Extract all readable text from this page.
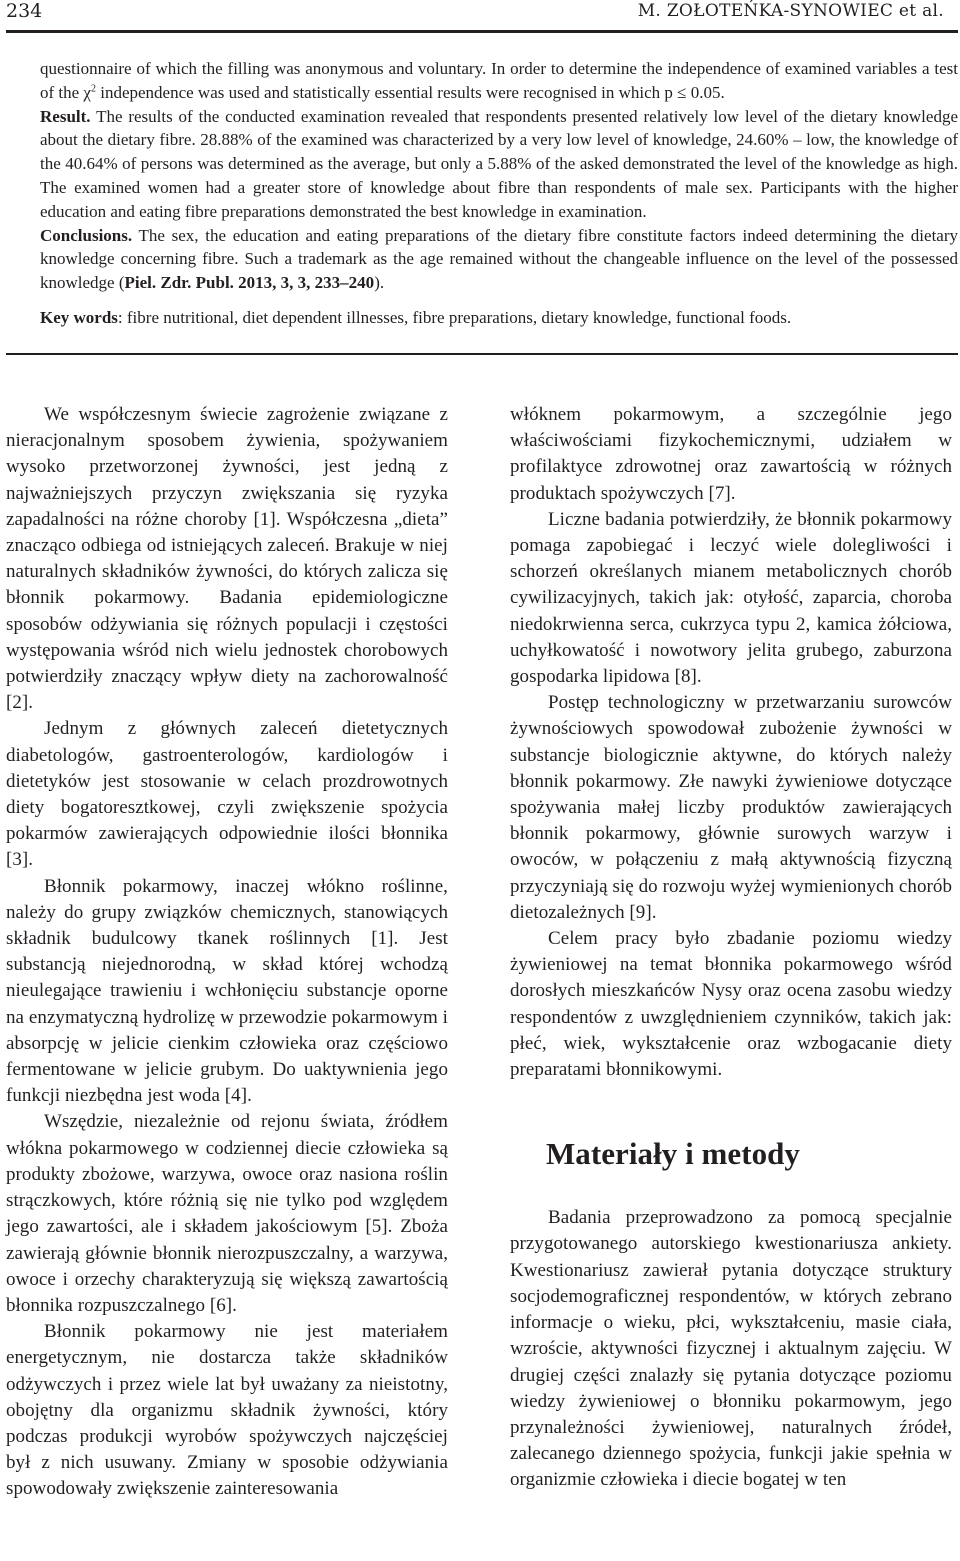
234	M. ZOŁOTEŃKA-SYNOWIEC et al.

questionnaire of which the filling was anonymous and voluntary. In order to determine the independence of examined variables a test of the $\chi^2$ independence was used and statistically essential results were recognised in which p ≤ 0.05.
Result. The results of the conducted examination revealed that respondents presented relatively low level of the dietary knowledge about the dietary fibre. 28.88% of the examined was characterized by a very low level of knowledge, 24.60% – low, the knowledge of the 40.64% of persons was determined as the average, but only a 5.88% of the asked demonstrated the level of the knowledge as high. The examined women had a greater store of knowledge about fibre than respondents of male sex. Participants with the higher education and eating fibre preparations demonstrated the best knowledge in examination.
Conclusions. The sex, the education and eating preparations of the dietary fibre constitute factors indeed determining the dietary knowledge concerning fibre. Such a trademark as the age remained without the changeable influence on the level of the possessed knowledge (Piel. Zdr. Publ. 2013, 3, 3, 233–240).

Key words: fibre nutritional, diet dependent illnesses, fibre preparations, dietary knowledge, functional foods.

We współczesnym świecie zagrożenie związane z nieracjonalnym sposobem żywienia, spożywaniem wysoko przetworzonej żywności, jest jedną z najważniejszych przyczyn zwiększania się ryzyka zapadalności na różne choroby [1]. Współczesna „dieta” znacząco odbiega od istniejących zaleceń. Brakuje w niej naturalnych składników żywności, do których zalicza się błonnik pokarmowy. Badania epidemiologiczne sposobów odżywiania się różnych populacji i częstości występowania wśród nich wielu jednostek chorobowych potwierdziły znaczący wpływ diety na zachorowalność [2].

Jednym z głównych zaleceń dietetycznych diabetologów, gastroenterologów, kardiologów i dietetyków jest stosowanie w celach prozdrowotnych diety bogatoresztkowej, czyli zwiększenie spożycia pokarmów zawierających odpowiednie ilości błonnika [3].

Błonnik pokarmowy, inaczej włókno roślinne, należy do grupy związków chemicznych, stanowiących składnik budulcowy tkanek roślinnych [1]. Jest substancją niejednorodną, w skład której wchodzą nieulegające trawieniu i wchłonięciu substancje oporne na enzymatyczną hydrolizę w przewodzie pokarmowym i absorpcję w jelicie cienkim człowieka oraz częściowo fermentowane w jelicie grubym. Do uaktywnienia jego funkcji niezbędna jest woda [4].

Wszędzie, niezależnie od rejonu świata, źródłem włókna pokarmowego w codziennej diecie człowieka są produkty zbożowe, warzywa, owoce oraz nasiona roślin strączkowych, które różnią się nie tylko pod względem jego zawartości, ale i składem jakościowym [5]. Zboża zawierają głównie błonnik nierozpuszczalny, a warzywa, owoce i orzechy charakteryzują się większą zawartością błonnika rozpuszczalnego [6].

Błonnik pokarmowy nie jest materiałem energetycznym, nie dostarcza także składników odżywczych i przez wiele lat był uważany za nieistotny, obojętny dla organizmu składnik żywności, który podczas produkcji wyrobów spożywczych najczęściej był z nich usuwany. Zmiany w sposobie odżywiania spowodowały zwiększenie zainteresowania

włóknem pokarmowym, a szczególnie jego właściwościami fizykochemicznymi, udziałem w profilaktyce zdrowotnej oraz zawartością w różnych produktach spożywczych [7].

Liczne badania potwierdziły, że błonnik pokarmowy pomaga zapobiegać i leczyć wiele dolegliwości i schorzeń określanych mianem metabolicznych chorób cywilizacyjnych, takich jak: otyłość, zaparcia, choroba niedokrwienna serca, cukrzyca typu 2, kamica żółciowa, uchyłkowatość i nowotwory jelita grubego, zaburzona gospodarka lipidowa [8].

Postęp technologiczny w przetwarzaniu surowców żywnościowych spowodował zubożenie żywności w substancje biologicznie aktywne, do których należy błonnik pokarmowy. Złe nawyki żywieniowe dotyczące spożywania małej liczby produktów zawierających błonnik pokarmowy, głównie surowych warzyw i owoców, w połączeniu z małą aktywnością fizyczną przyczyniają się do rozwoju wyżej wymienionych chorób dietozależnych [9].

Celem pracy było zbadanie poziomu wiedzy żywieniowej na temat błonnika pokarmowego wśród dorosłych mieszkańców Nysy oraz ocena zasobu wiedzy respondentów z uwzględnieniem czynników, takich jak: płeć, wiek, wykształcenie oraz wzbogacanie diety preparatami błonnikowymi.

Materiały i metody

Badania przeprowadzono za pomocą specjalnie przygotowanego autorskiego kwestionariusza ankiety. Kwestionariusz zawierał pytania dotyczące struktury socjodemograficznej respondentów, w których zebrano informacje o wieku, płci, wykształceniu, masie ciała, wzroście, aktywności fizycznej i aktualnym zajęciu. W drugiej części znalazły się pytania dotyczące poziomu wiedzy żywieniowej o błonniku pokarmowym, jego przynależności żywieniowej, naturalnych źródeł, zalecanego dziennego spożycia, funkcji jakie spełnia w organizmie człowieka i diecie bogatej w ten
